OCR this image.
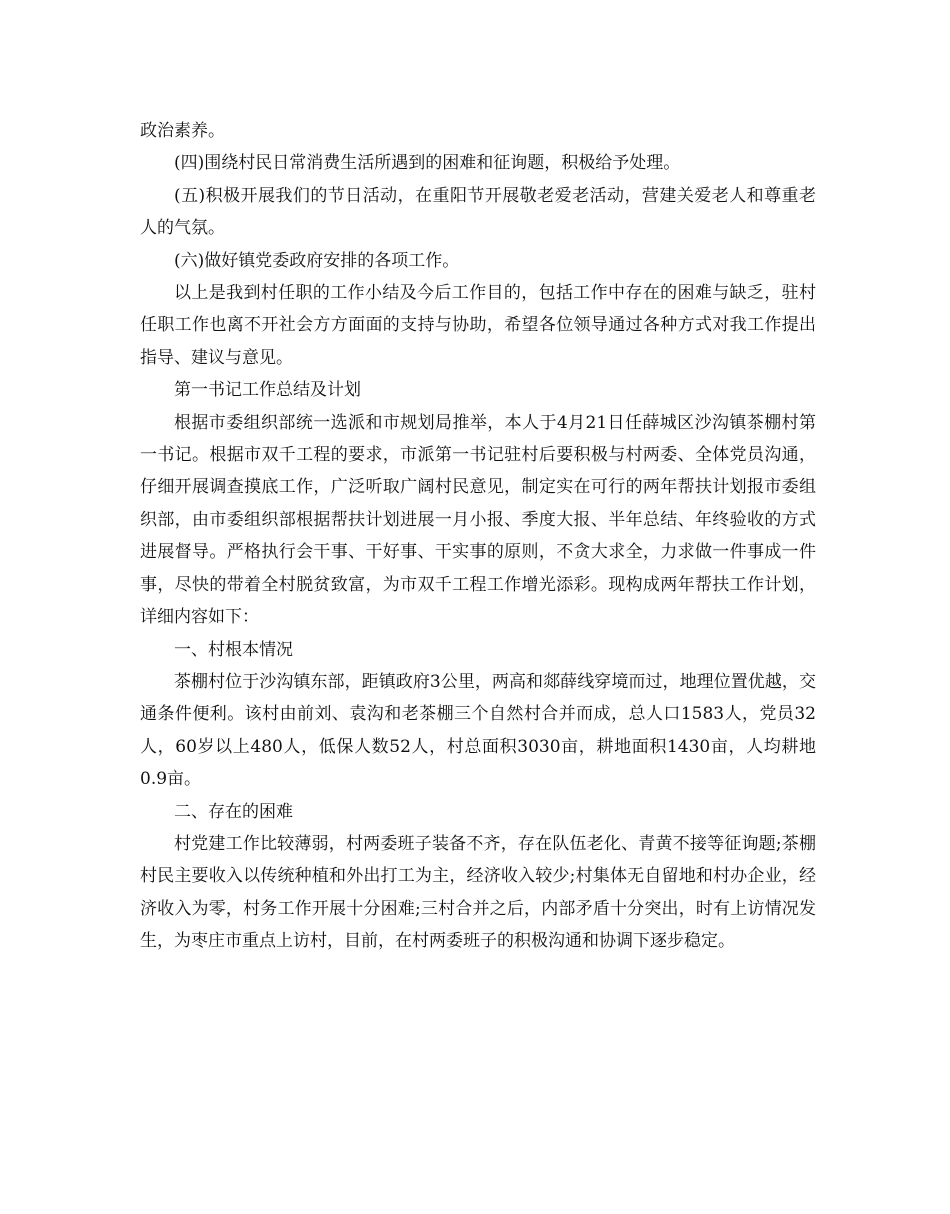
政治素养。

(四)围绕村民日常消费生活所遇到的困难和征询题，积极给予处理。

(五)积极开展我们的节日活动，在重阳节开展敬老爱老活动，营建关爱老人和尊重老人的气氛。

(六)做好镇党委政府安排的各项工作。

以上是我到村任职的工作小结及今后工作目的，包括工作中存在的困难与缺乏，驻村任职工作也离不开社会方方面面的支持与协助，希望各位领导通过各种方式对我工作提出指导、建议与意见。

第一书记工作总结及计划

根据市委组织部统一选派和市规划局推举，本人于4月21日任薛城区沙沟镇茶棚村第一书记。根据市双千工程的要求，市派第一书记驻村后要积极与村两委、全体党员沟通，仔细开展调查摸底工作，广泛听取广阔村民意见，制定实在可行的两年帮扶计划报市委组织部，由市委组织部根据帮扶计划进展一月小报、季度大报、半年总结、年终验收的方式进展督导。严格执行会干事、干好事、干实事的原则，不贪大求全，力求做一件事成一件事，尽快的带着全村脱贫致富，为市双千工程工作增光添彩。现构成两年帮扶工作计划，详细内容如下：

一、村根本情况

茶棚村位于沙沟镇东部，距镇政府3公里，两高和郯薛线穿境而过，地理位置优越，交通条件便利。该村由前刘、袁沟和老茶棚三个自然村合并而成，总人口1583人，党员32人，60岁以上480人，低保人数52人，村总面积3030亩，耕地面积1430亩，人均耕地0.9亩。

二、存在的困难

村党建工作比较薄弱，村两委班子装备不齐，存在队伍老化、青黄不接等征询题;茶棚村民主要收入以传统种植和外出打工为主，经济收入较少;村集体无自留地和村办企业，经济收入为零，村务工作开展十分困难;三村合并之后，内部矛盾十分突出，时有上访情况发生，为枣庄市重点上访村，目前，在村两委班子的积极沟通和协调下逐步稳定。
